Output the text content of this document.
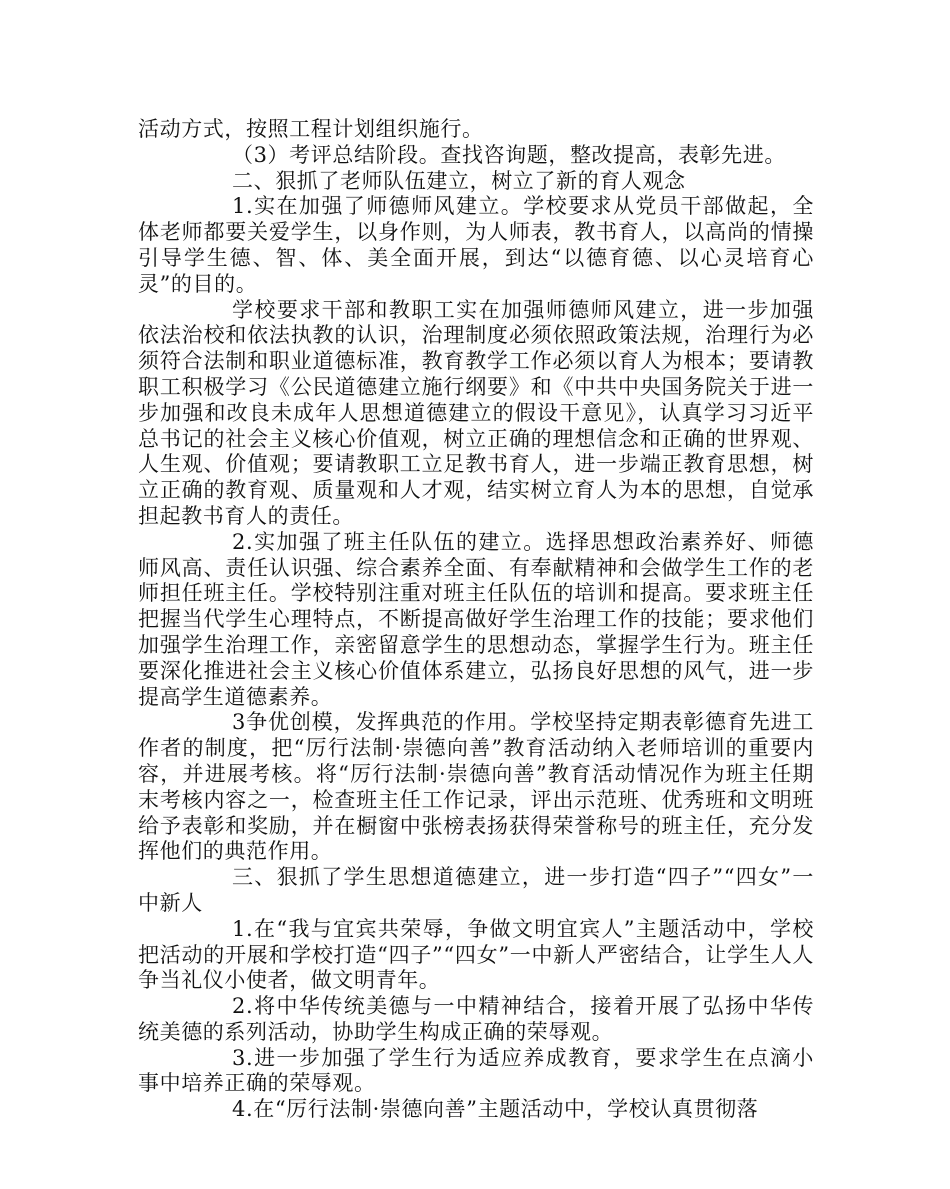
活动方式，按照工程计划组织施行。

（3）考评总结阶段。查找咨询题，整改提高，表彰先进。

二、狠抓了老师队伍建立，树立了新的育人观念

1.实在加强了师德师风建立。学校要求从党员干部做起，全体老师都要关爱学生，以身作则，为人师表，教书育人，以高尚的情操引导学生德、智、体、美全面开展，到达“以德育德、以心灵培育心灵”的目的。

学校要求干部和教职工实在加强师德师风建立，进一步加强依法治校和依法执教的认识，治理制度必须依照政策法规，治理行为必须符合法制和职业道德标准，教育教学工作必须以育人为根本；要请教职工积极学习《公民道德建立施行纲要》和《中共中央国务院关于进一步加强和改良未成年人思想道德建立的假设干意见》，认真学习习近平总书记的社会主义核心价值观，树立正确的理想信念和正确的世界观、人生观、价值观；要请教职工立足教书育人，进一步端正教育思想，树立正确的教育观、质量观和人才观，结实树立育人为本的思想，自觉承担起教书育人的责任。

2.实加强了班主任队伍的建立。选择思想政治素养好、师德师风高、责任认识强、综合素养全面、有奉献精神和会做学生工作的老师担任班主任。学校特别注重对班主任队伍的培训和提高。要求班主任把握当代学生心理特点，不断提高做好学生治理工作的技能；要求他们加强学生治理工作，亲密留意学生的思想动态，掌握学生行为。班主任要深化推进社会主义核心价值体系建立，弘扬良好思想的风气，进一步提高学生道德素养。

3争优创模，发挥典范的作用。学校坚持定期表彰德育先进工作者的制度，把“厉行法制·崇德向善”教育活动纳入老师培训的重要内容，并进展考核。将“厉行法制·崇德向善”教育活动情况作为班主任期末考核内容之一，检查班主任工作记录，评出示范班、优秀班和文明班给予表彰和奖励，并在橱窗中张榜表扬获得荣誉称号的班主任，充分发挥他们的典范作用。

三、狠抓了学生思想道德建立，进一步打造“四子”“四女”一中新人

1.在“我与宜宾共荣辱，争做文明宜宾人”主题活动中，学校把活动的开展和学校打造“四子”“四女”一中新人严密结合，让学生人人争当礼仪小使者，做文明青年。

2.将中华传统美德与一中精神结合，接着开展了弘扬中华传统美德的系列活动，协助学生构成正确的荣辱观。

3.进一步加强了学生行为适应养成教育，要求学生在点滴小事中培养正确的荣辱观。

4.在“厉行法制·崇德向善”主题活动中，学校认真贯彻落
